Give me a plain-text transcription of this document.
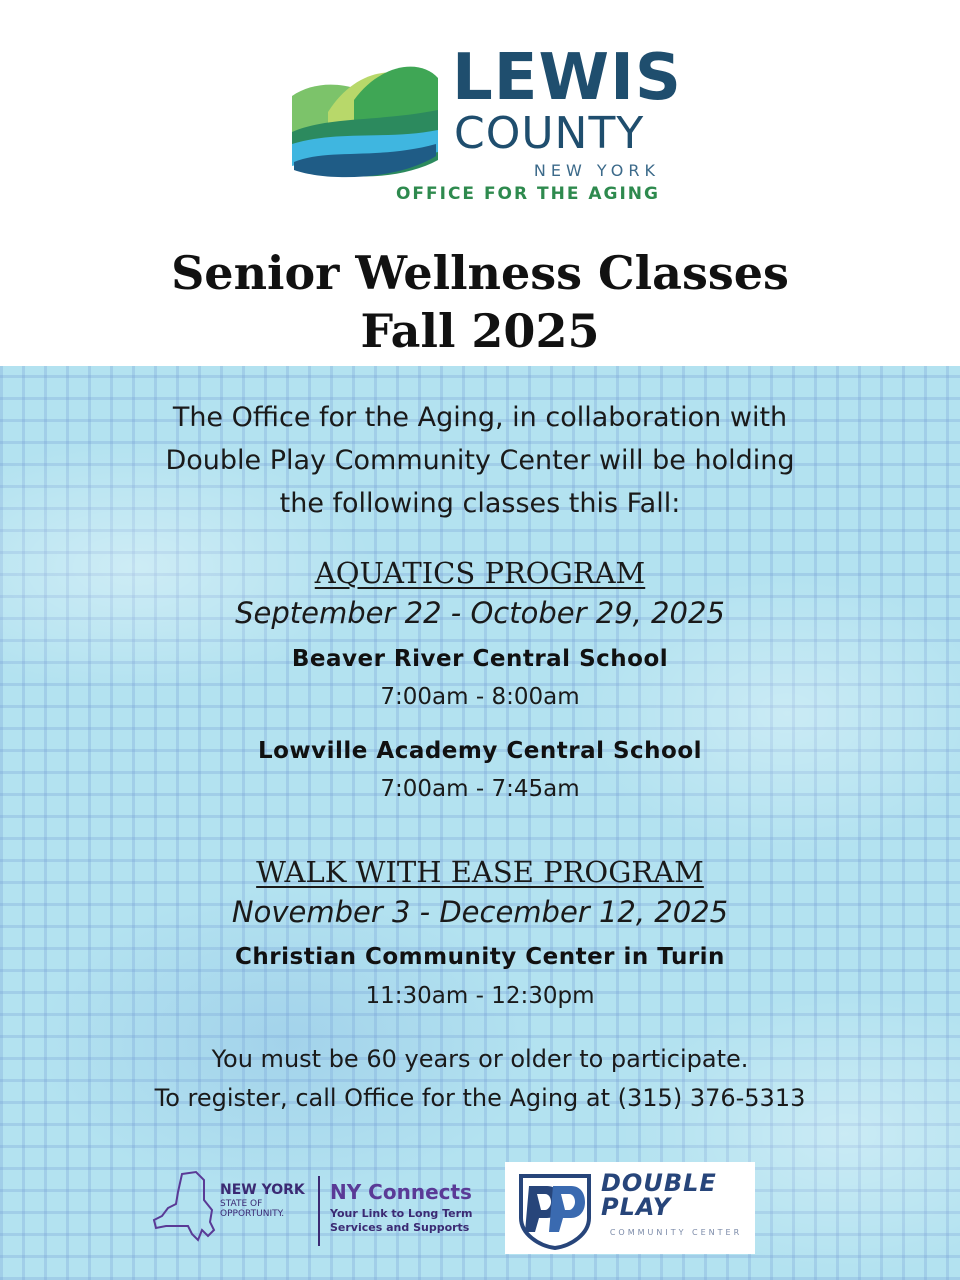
LEWIS
COUNTY
NEW YORK
OFFICE FOR THE AGING
Senior Wellness Classes
Fall 2025
The Office for the Aging, in collaboration with
Double Play Community Center will be holding
the following classes this Fall:
AQUATICS PROGRAM
September 22 - October 29, 2025
Beaver River Central School
7:00am - 8:00am
Lowville Academy Central School
7:00am - 7:45am
WALK WITH EASE PROGRAM
November 3 - December 12, 2025
Christian Community Center in Turin
11:30am - 12:30pm
You must be 60 years or older to participate.
To register, call Office for the Aging at (315) 376-5313
NEW YORK
STATE OF
OPPORTUNITY.
NY Connects
Your Link to Long Term
Services and Supports
DOUBLE
PLAY
COMMUNITY CENTER
